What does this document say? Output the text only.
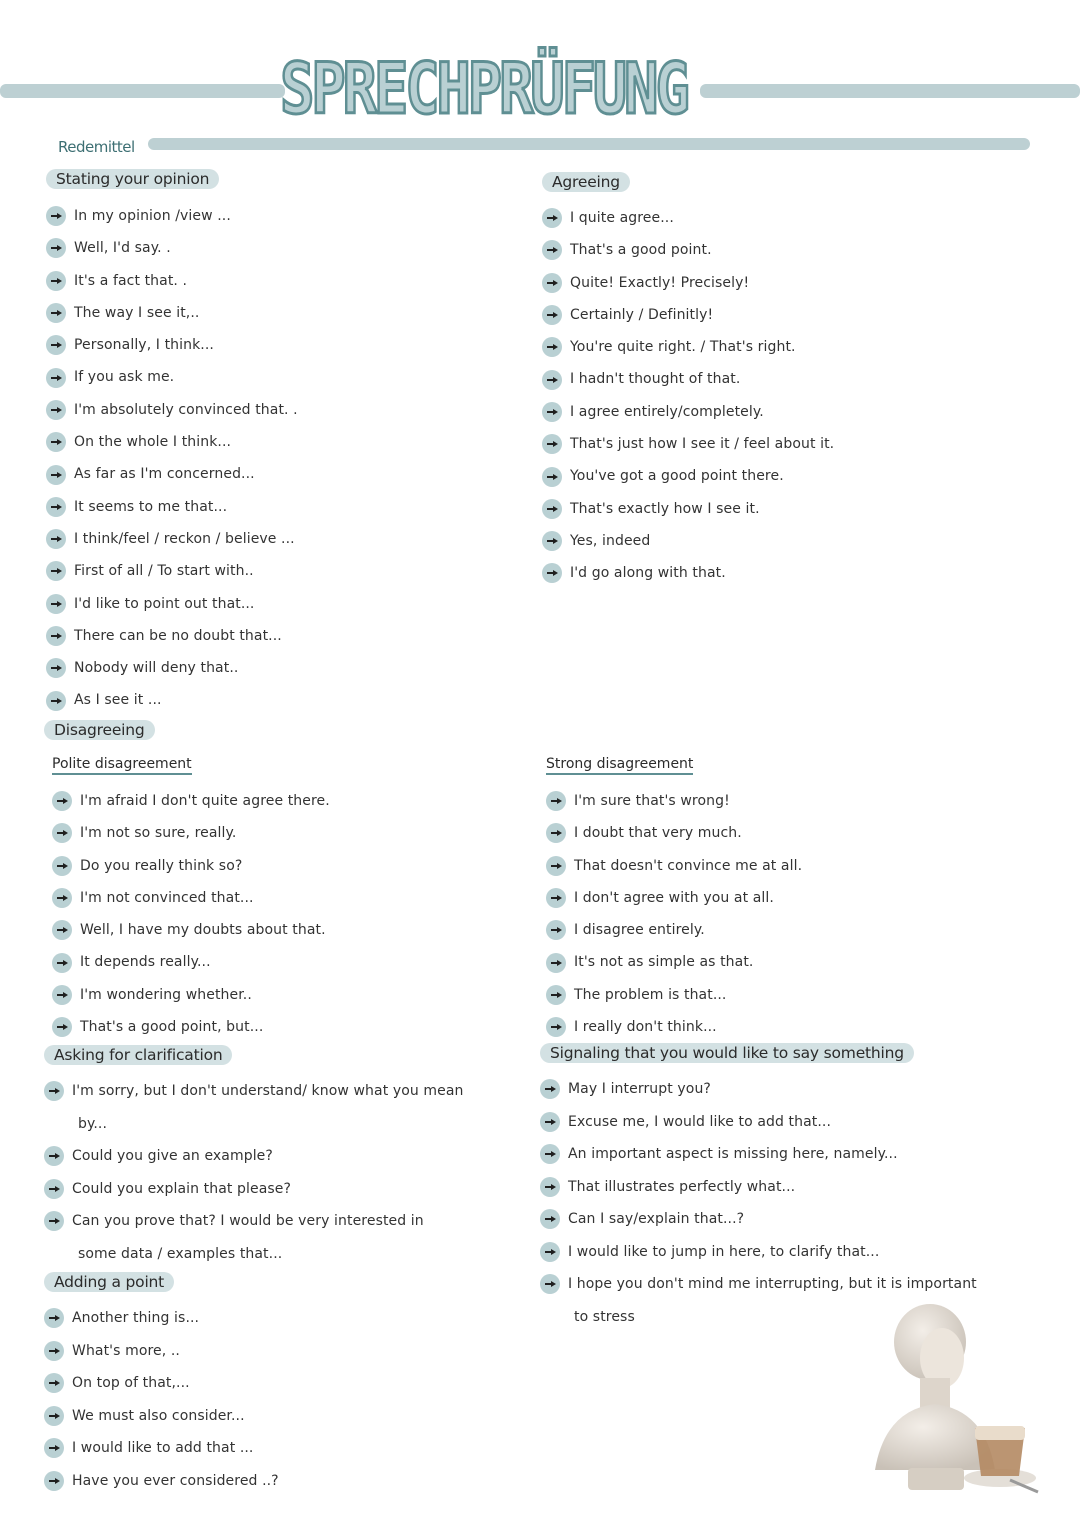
SPRECHPRÜFUNG
Redemittel
Stating your opinion
In my opinion /view ...
Well, I'd say. .
It's a fact that. .
The way I see it,..
Personally, I think...
If you ask me.
I'm absolutely convinced that. .
On the whole I think...
As far as I'm concerned...
It seems to me that...
I think/feel / reckon / believe ...
First of all / To start with..
I'd like to point out that...
There can be no doubt that...
Nobody will deny that..
As I see it ...
Agreeing
I quite agree...
That's a good point.
Quite! Exactly! Precisely!
Certainly / Definitly!
You're quite right. / That's right.
I hadn't thought of that.
I agree entirely/completely.
That's just how I see it / feel about it.
You've got a good point there.
That's exactly how I see it.
Yes, indeed
I'd go along with that.
Disagreeing
Polite disagreement
I'm afraid I don't quite agree there.
I'm not so sure, really.
Do you really think so?
I'm not convinced that...
Well, I have my doubts about that.
It depends really...
I'm wondering whether..
That's a good point, but...
Strong disagreement
I'm sure that's wrong!
I doubt that very much.
That doesn't convince me at all.
I don't agree with you at all.
I disagree entirely.
It's not as simple as that.
The problem is that...
I really don't think...
Asking for clarification
I'm sorry, but I don't understand/ know what you mean
by...
Could you give an example?
Could you explain that please?
Can you prove that? I would be very interested in
some data / examples that...
Signaling that you would like to say something
May I interrupt you?
Excuse me, I would like to add that...
An important aspect is missing here, namely...
That illustrates perfectly what...
Can I say/explain that...?
I would like to jump in here, to clarify that...
I hope you don't mind me interrupting, but it is important
to stress
Adding a point
Another thing is...
What's more, ..
On top of that,...
We must also consider...
I would like to add that ...
Have you ever considered ..?
